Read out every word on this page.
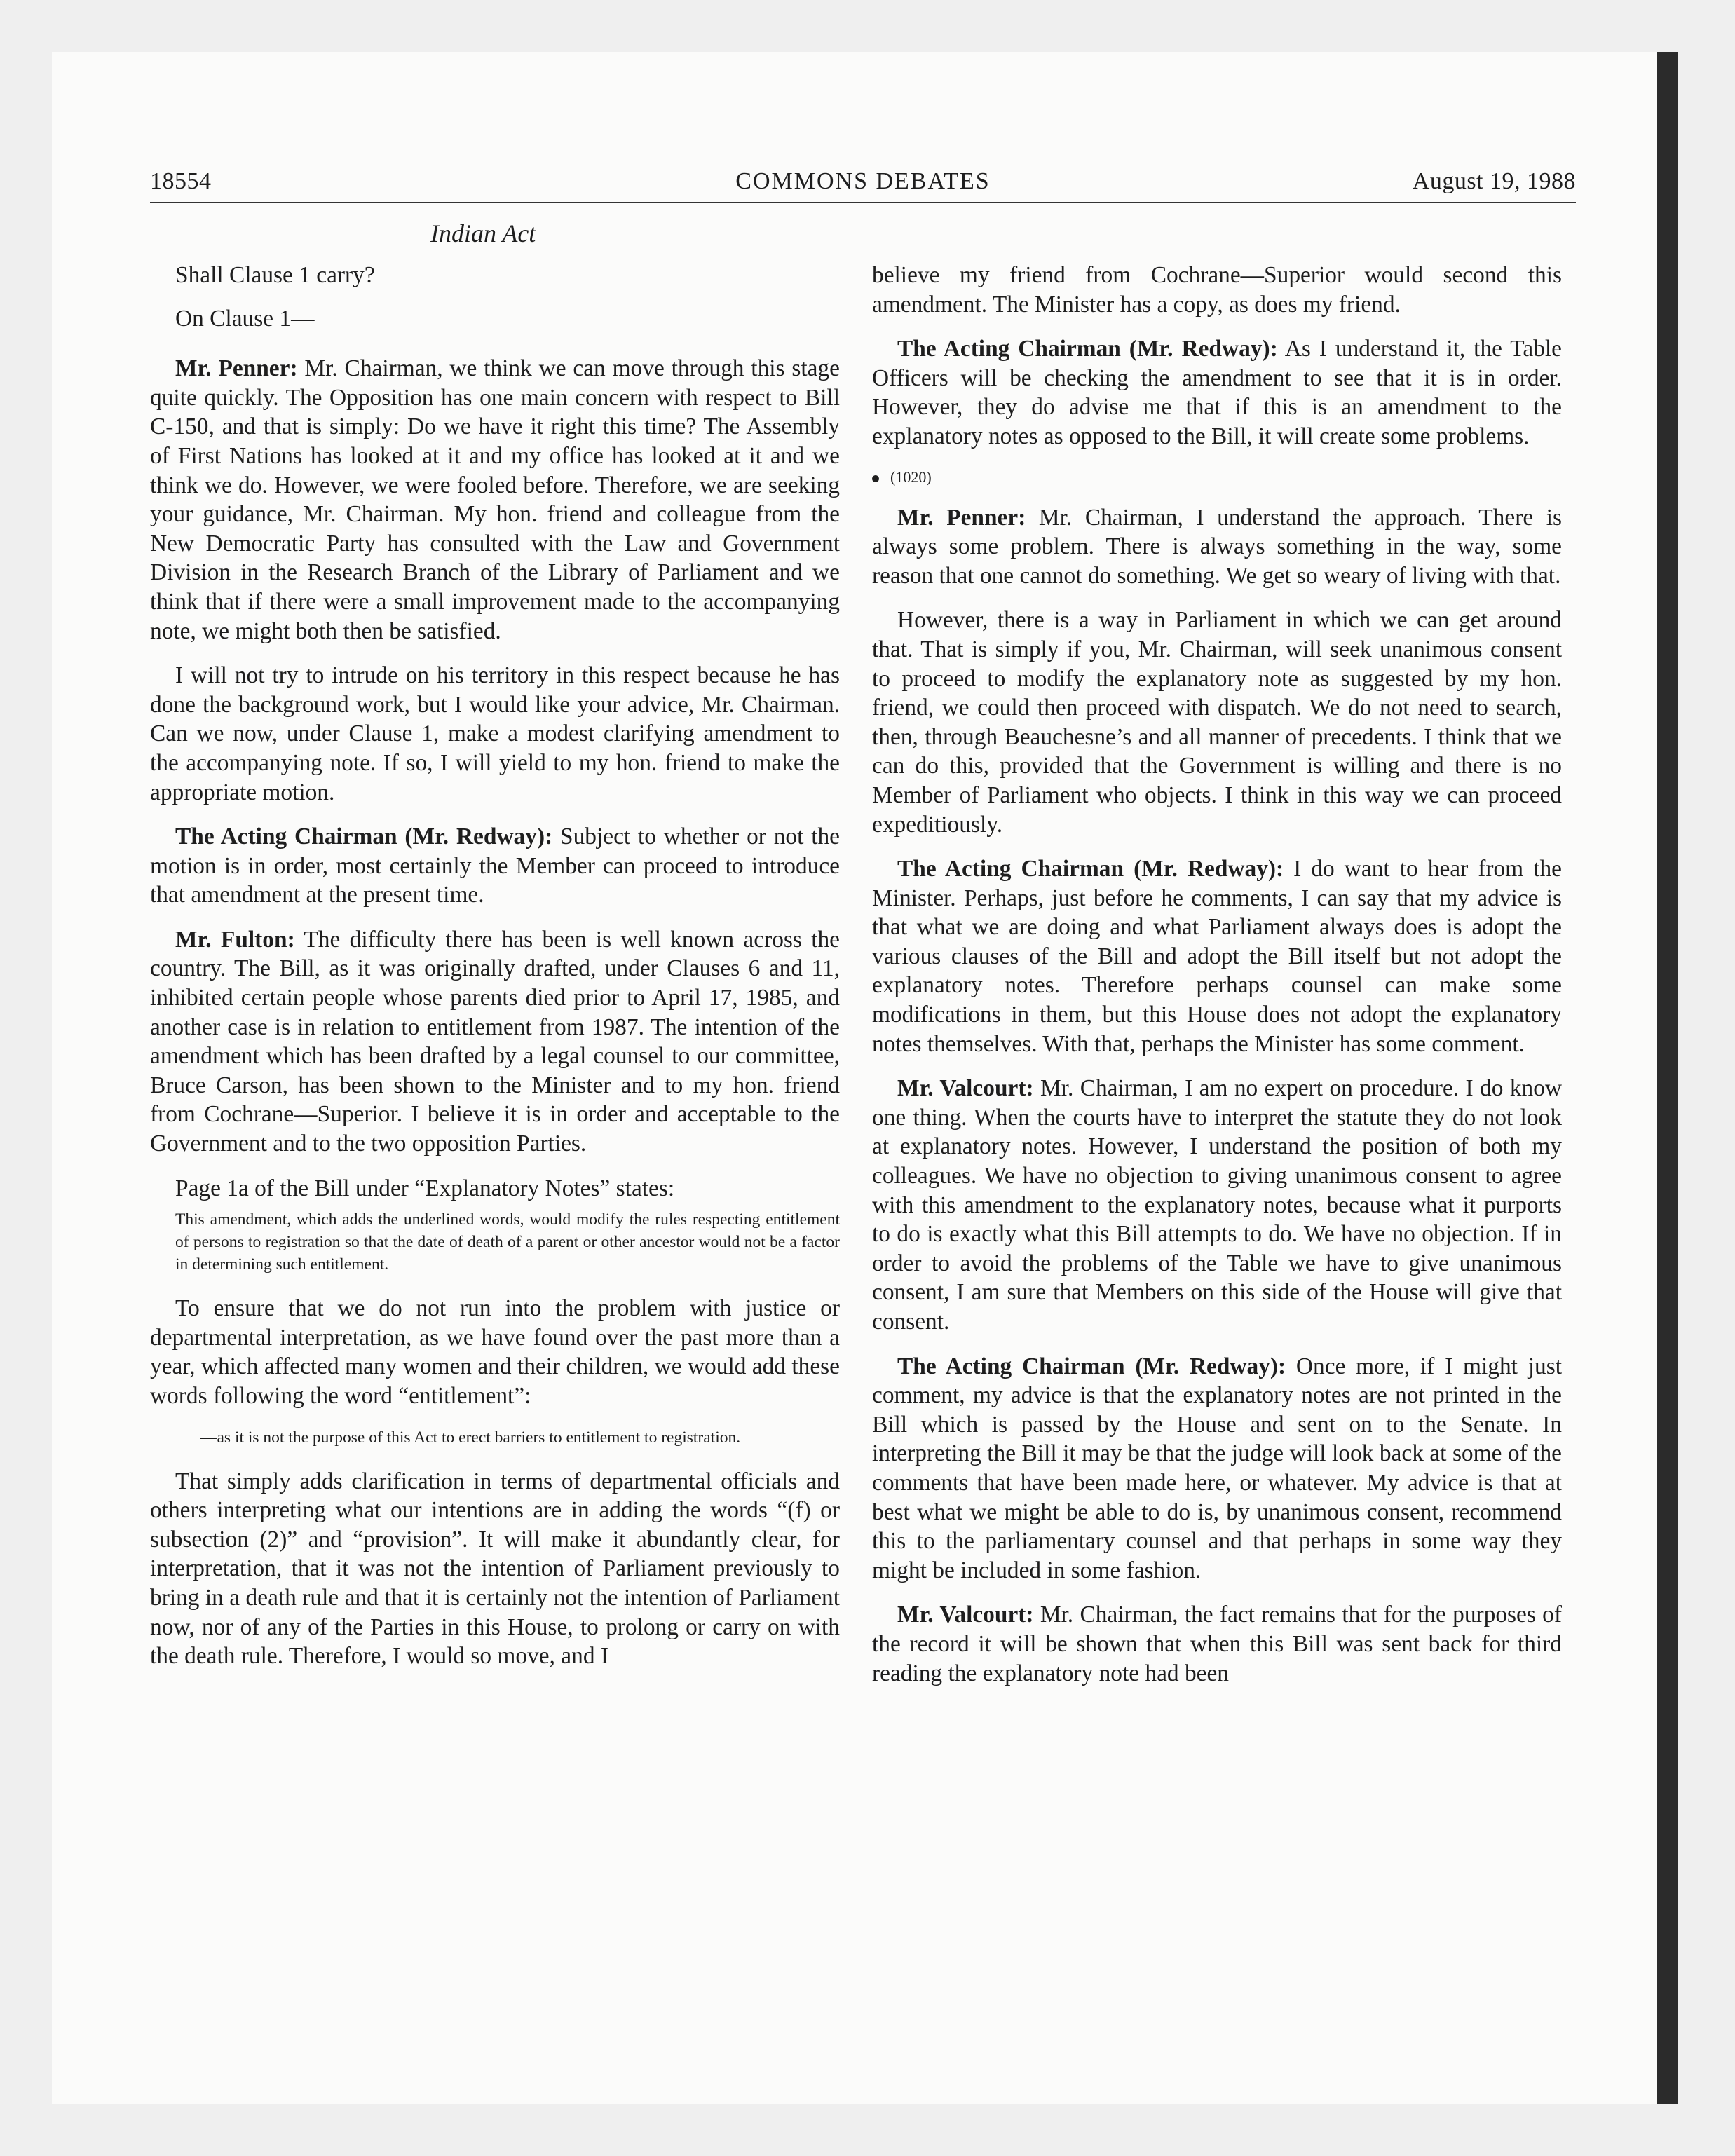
18554	COMMONS DEBATES	August 19, 1988
Indian Act

Shall Clause 1 carry?

On Clause 1—

Mr. Penner: Mr. Chairman, we think we can move through this stage quite quickly. The Opposition has one main concern with respect to Bill C-150, and that is simply: Do we have it right this time? The Assembly of First Nations has looked at it and my office has looked at it and we think we do. However, we were fooled before. Therefore, we are seeking your guidance, Mr. Chairman. My hon. friend and colleague from the New Democratic Party has consulted with the Law and Government Division in the Research Branch of the Library of Parliament and we think that if there were a small improvement made to the accompanying note, we might both then be satisfied.

I will not try to intrude on his territory in this respect because he has done the background work, but I would like your advice, Mr. Chairman. Can we now, under Clause 1, make a modest clarifying amendment to the accompanying note. If so, I will yield to my hon. friend to make the appropriate motion.

The Acting Chairman (Mr. Redway): Subject to whether or not the motion is in order, most certainly the Member can proceed to introduce that amendment at the present time.

Mr. Fulton: The difficulty there has been is well known across the country. The Bill, as it was originally drafted, under Clauses 6 and 11, inhibited certain people whose parents died prior to April 17, 1985, and another case is in relation to entitlement from 1987. The intention of the amendment which has been drafted by a legal counsel to our committee, Bruce Carson, has been shown to the Minister and to my hon. friend from Cochrane—Superior. I believe it is in order and acceptable to the Government and to the two opposition Parties.

Page 1a of the Bill under “Explanatory Notes” states:

This amendment, which adds the underlined words, would modify the rules respecting entitlement of persons to registration so that the date of death of a parent or other ancestor would not be a factor in determining such entitlement.

To ensure that we do not run into the problem with justice or departmental interpretation, as we have found over the past more than a year, which affected many women and their children, we would add these words following the word “entitlement”:

—as it is not the purpose of this Act to erect barriers to entitlement to registration.

That simply adds clarification in terms of departmental officials and others interpreting what our intentions are in adding the words “(f) or subsection (2)” and “provision”. It will make it abundantly clear, for interpretation, that it was not the intention of Parliament previously to bring in a death rule and that it is certainly not the intention of Parliament now, nor of any of the Parties in this House, to prolong or carry on with the death rule. Therefore, I would so move, and I

believe my friend from Cochrane—Superior would second this amendment. The Minister has a copy, as does my friend.

The Acting Chairman (Mr. Redway): As I understand it, the Table Officers will be checking the amendment to see that it is in order. However, they do advise me that if this is an amendment to the explanatory notes as opposed to the Bill, it will create some problems.

(1020)

Mr. Penner: Mr. Chairman, I understand the approach. There is always some problem. There is always something in the way, some reason that one cannot do something. We get so weary of living with that.

However, there is a way in Parliament in which we can get around that. That is simply if you, Mr. Chairman, will seek unanimous consent to proceed to modify the explanatory note as suggested by my hon. friend, we could then proceed with dispatch. We do not need to search, then, through Beauchesne’s and all manner of precedents. I think that we can do this, provided that the Government is willing and there is no Member of Parliament who objects. I think in this way we can proceed expeditiously.

The Acting Chairman (Mr. Redway): I do want to hear from the Minister. Perhaps, just before he comments, I can say that my advice is that what we are doing and what Parliament always does is adopt the various clauses of the Bill and adopt the Bill itself but not adopt the explanatory notes. Therefore perhaps counsel can make some modifications in them, but this House does not adopt the explanatory notes themselves. With that, perhaps the Minister has some comment.

Mr. Valcourt: Mr. Chairman, I am no expert on procedure. I do know one thing. When the courts have to interpret the statute they do not look at explanatory notes. However, I understand the position of both my colleagues. We have no objection to giving unanimous consent to agree with this amendment to the explanatory notes, because what it purports to do is exactly what this Bill attempts to do. We have no objection. If in order to avoid the problems of the Table we have to give unanimous consent, I am sure that Members on this side of the House will give that consent.

The Acting Chairman (Mr. Redway): Once more, if I might just comment, my advice is that the explanatory notes are not printed in the Bill which is passed by the House and sent on to the Senate. In interpreting the Bill it may be that the judge will look back at some of the comments that have been made here, or whatever. My advice is that at best what we might be able to do is, by unanimous consent, recommend this to the parliamentary counsel and that perhaps in some way they might be included in some fashion.

Mr. Valcourt: Mr. Chairman, the fact remains that for the purposes of the record it will be shown that when this Bill was sent back for third reading the explanatory note had been
